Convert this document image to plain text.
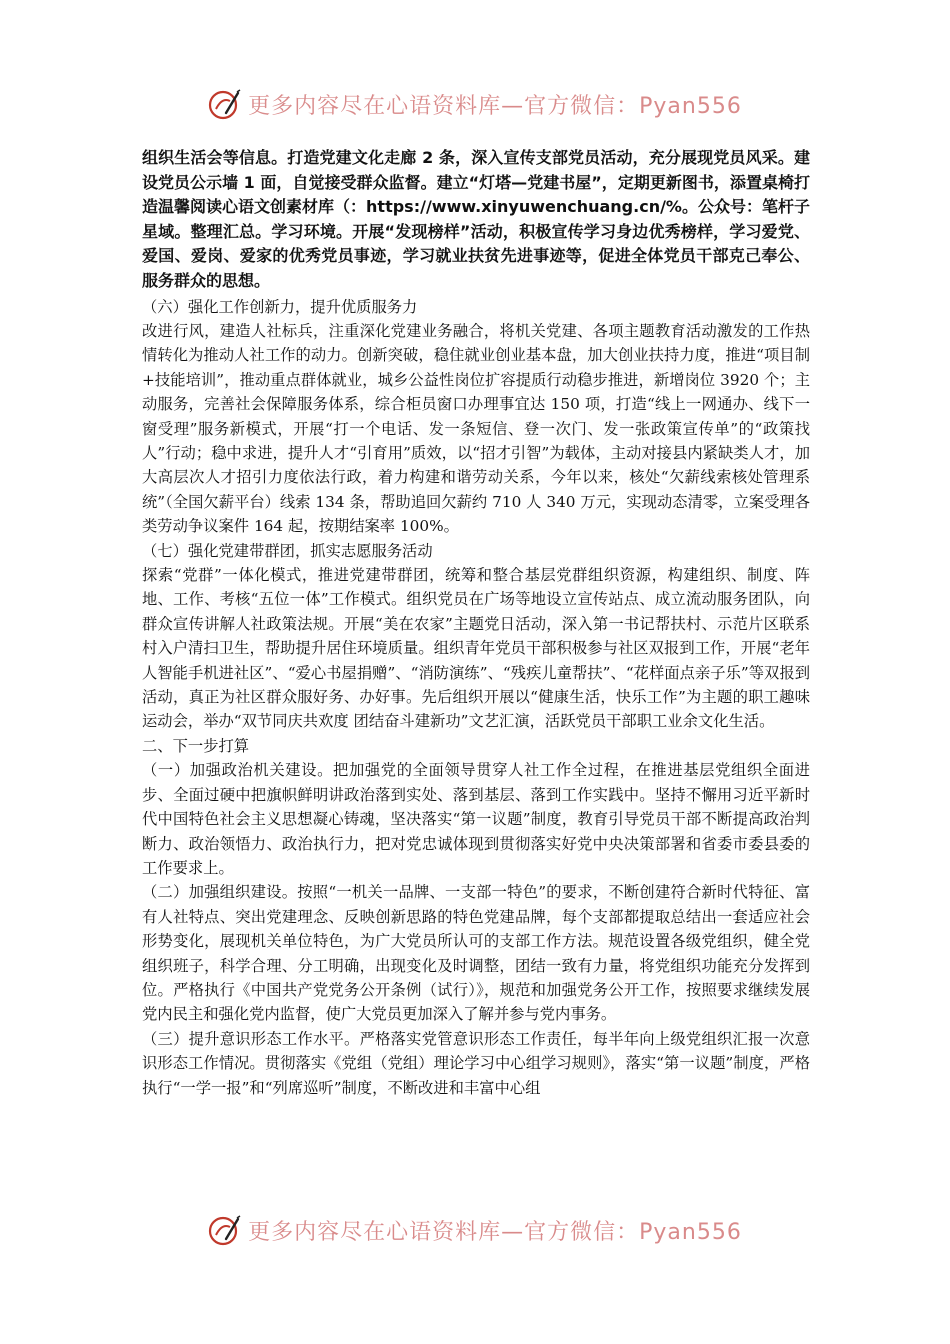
更多内容尽在心语资料库—官方微信：Pyan556

组织生活会等信息。打造党建文化走廊 2 条，深入宣传支部党员活动，充分展现党员风采。建设党员公示墙 1 面，自觉接受群众监督。建立“灯塔—党建书屋”，定期更新图书，添置桌椅打造温馨阅读心语文创素材库（：https://www.xinyuwenchuang.cn/%。公众号：笔杆子星域。整理汇总。学习环境。开展“发现榜样”活动，积极宣传学习身边优秀榜样，学习爱党、爱国、爱岗、爱家的优秀党员事迹，学习就业扶贫先进事迹等，促进全体党员干部克己奉公、服务群众的思想。

（六）强化工作创新力，提升优质服务力

改进行风，建造人社标兵，注重深化党建业务融合，将机关党建、各项主题教育活动激发的工作热情转化为推动人社工作的动力。创新突破，稳住就业创业基本盘，加大创业扶持力度，推进“项目制+技能培训”，推动重点群体就业，城乡公益性岗位扩容提质行动稳步推进，新增岗位 3920 个；主动服务，完善社会保障服务体系，综合柜员窗口办理事宜达 150 项，打造“线上一网通办、线下一窗受理”服务新模式，开展“打一个电话、发一条短信、登一次门、发一张政策宣传单”的“政策找人”行动；稳中求进，提升人才“引育用”质效，以“招才引智”为载体，主动对接县内紧缺类人才，加大高层次人才招引力度依法行政，着力构建和谐劳动关系，今年以来，核处“欠薪线索核处管理系统”（全国欠薪平台）线索 134 条，帮助追回欠薪约 710 人 340 万元，实现动态清零，立案受理各类劳动争议案件 164 起，按期结案率 100%。

（七）强化党建带群团，抓实志愿服务活动

探索“党群”一体化模式，推进党建带群团，统筹和整合基层党群组织资源，构建组织、制度、阵地、工作、考核“五位一体”工作模式。组织党员在广场等地设立宣传站点、成立流动服务团队，向群众宣传讲解人社政策法规。开展“美在农家”主题党日活动，深入第一书记帮扶村、示范片区联系村入户清扫卫生，帮助提升居住环境质量。组织青年党员干部积极参与社区双报到工作，开展“老年人智能手机进社区”、“爱心书屋捐赠”、“消防演练”、“残疾儿童帮扶”、“花样面点亲子乐”等双报到活动，真正为社区群众服好务、办好事。先后组织开展以“健康生活，快乐工作”为主题的职工趣味运动会，举办“双节同庆共欢度 团结奋斗建新功”文艺汇演，活跃党员干部职工业余文化生活。

二、下一步打算

（一）加强政治机关建设。把加强党的全面领导贯穿人社工作全过程，在推进基层党组织全面进步、全面过硬中把旗帜鲜明讲政治落到实处、落到基层、落到工作实践中。坚持不懈用习近平新时代中国特色社会主义思想凝心铸魂，坚决落实“第一议题”制度，教育引导党员干部不断提高政治判断力、政治领悟力、政治执行力，把对党忠诚体现到贯彻落实好党中央决策部署和省委市委县委的工作要求上。

（二）加强组织建设。按照“一机关一品牌、一支部一特色”的要求，不断创建符合新时代特征、富有人社特点、突出党建理念、反映创新思路的特色党建品牌，每个支部都提取总结出一套适应社会形势变化，展现机关单位特色，为广大党员所认可的支部工作方法。规范设置各级党组织，健全党组织班子，科学合理、分工明确，出现变化及时调整，团结一致有力量，将党组织功能充分发挥到位。严格执行《中国共产党党务公开条例（试行）》，规范和加强党务公开工作，按照要求继续发展党内民主和强化党内监督，使广大党员更加深入了解并参与党内事务。

（三）提升意识形态工作水平。严格落实党管意识形态工作责任，每半年向上级党组织汇报一次意识形态工作情况。贯彻落实《党组（党组）理论学习中心组学习规则》，落实“第一议题”制度，严格执行“一学一报”和“列席巡听”制度，不断改进和丰富中心组

更多内容尽在心语资料库—官方微信：Pyan556
